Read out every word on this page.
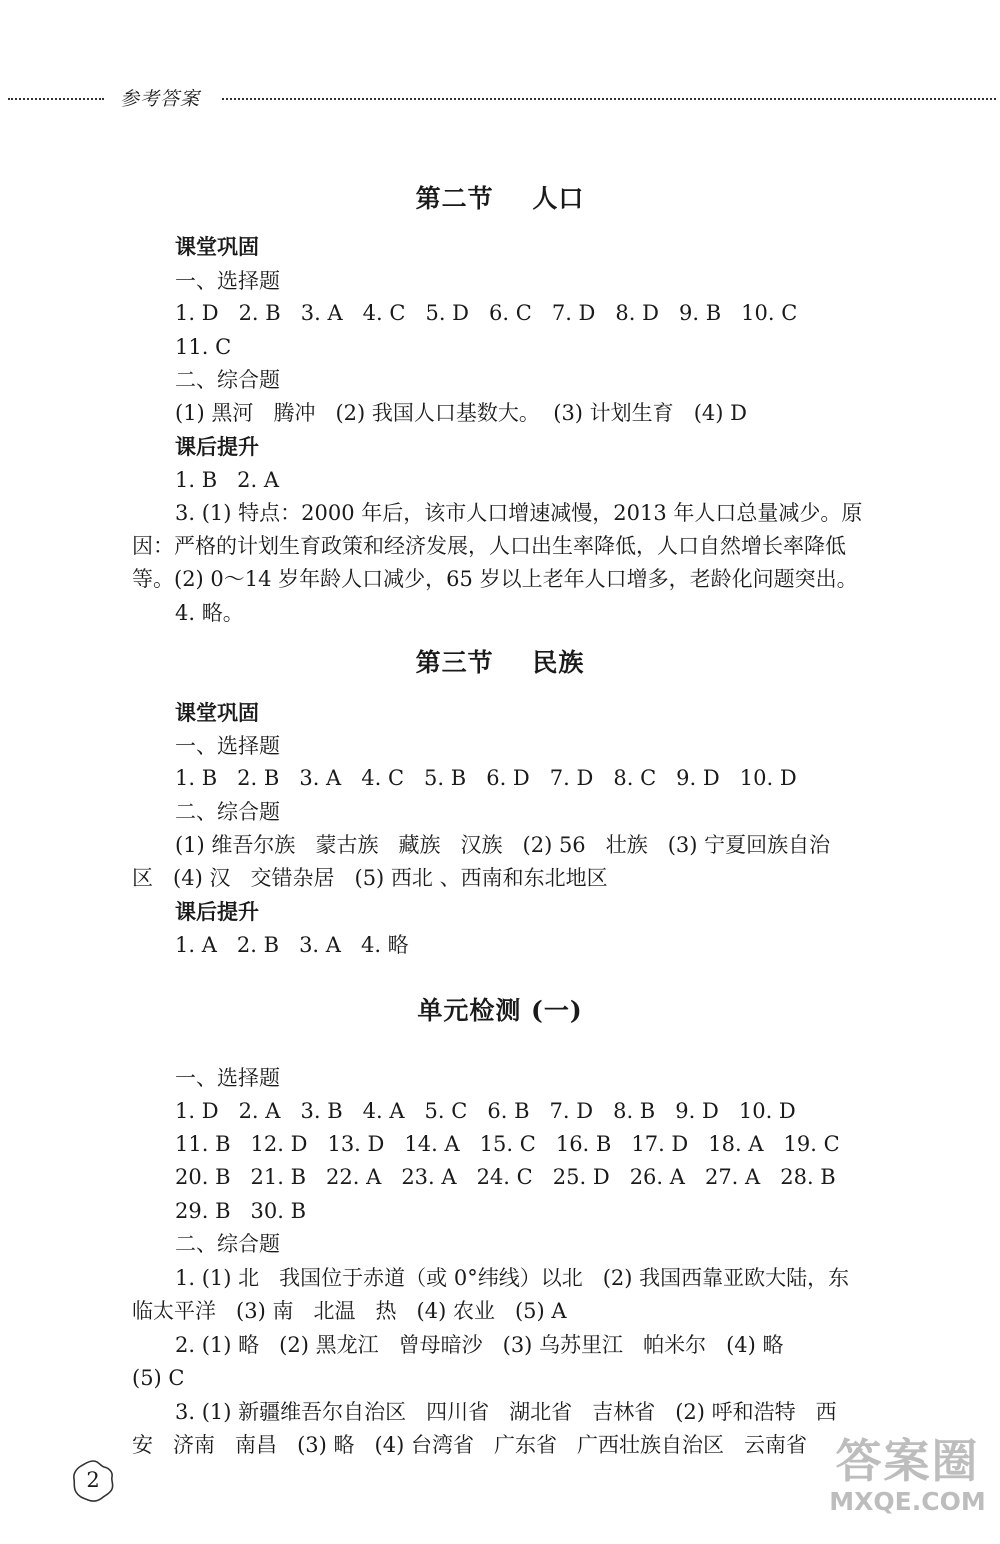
参考答案
第二节    人口
课堂巩固
一、选择题
1. D   2. B   3. A   4. C   5. D   6. C   7. D   8. D   9. B   10. C
11. C
二、综合题
(1) 黑河   腾冲   (2) 我国人口基数大。  (3) 计划生育   (4) D
课后提升
1. B   2. A
3. (1) 特点：2000 年后，该市人口增速减慢，2013 年人口总量减少。原
因：严格的计划生育政策和经济发展，人口出生率降低，人口自然增长率降低
等。(2) 0～14 岁年龄人口减少，65 岁以上老年人口增多，老龄化问题突出。
4. 略。
第三节    民族
课堂巩固
一、选择题
1. B   2. B   3. A   4. C   5. B   6. D   7. D   8. C   9. D   10. D
二、综合题
(1) 维吾尔族   蒙古族   藏族   汉族   (2) 56   壮族   (3) 宁夏回族自治
区   (4) 汉   交错杂居   (5) 西北 、西南和东北地区
课后提升
1. A   2. B   3. A   4. 略
单元检测 (一)
一、选择题
1. D   2. A   3. B   4. A   5. C   6. B   7. D   8. B   9. D   10. D
11. B   12. D   13. D   14. A   15. C   16. B   17. D   18. A   19. C
20. B   21. B   22. A   23. A   24. C   25. D   26. A   27. A   28. B
29. B   30. B
二、综合题
1. (1) 北   我国位于赤道（或 0°纬线）以北   (2) 我国西靠亚欧大陆，东
临太平洋   (3) 南   北温   热   (4) 农业   (5) A
2. (1) 略   (2) 黑龙江   曾母暗沙   (3) 乌苏里江   帕米尔   (4) 略
(5) C
3. (1) 新疆维吾尔自治区   四川省   湖北省   吉林省   (2) 呼和浩特   西
安   济南   南昌   (3) 略   (4) 台湾省   广东省   广西壮族自治区   云南省
2	答案圈
MXQE.COM
